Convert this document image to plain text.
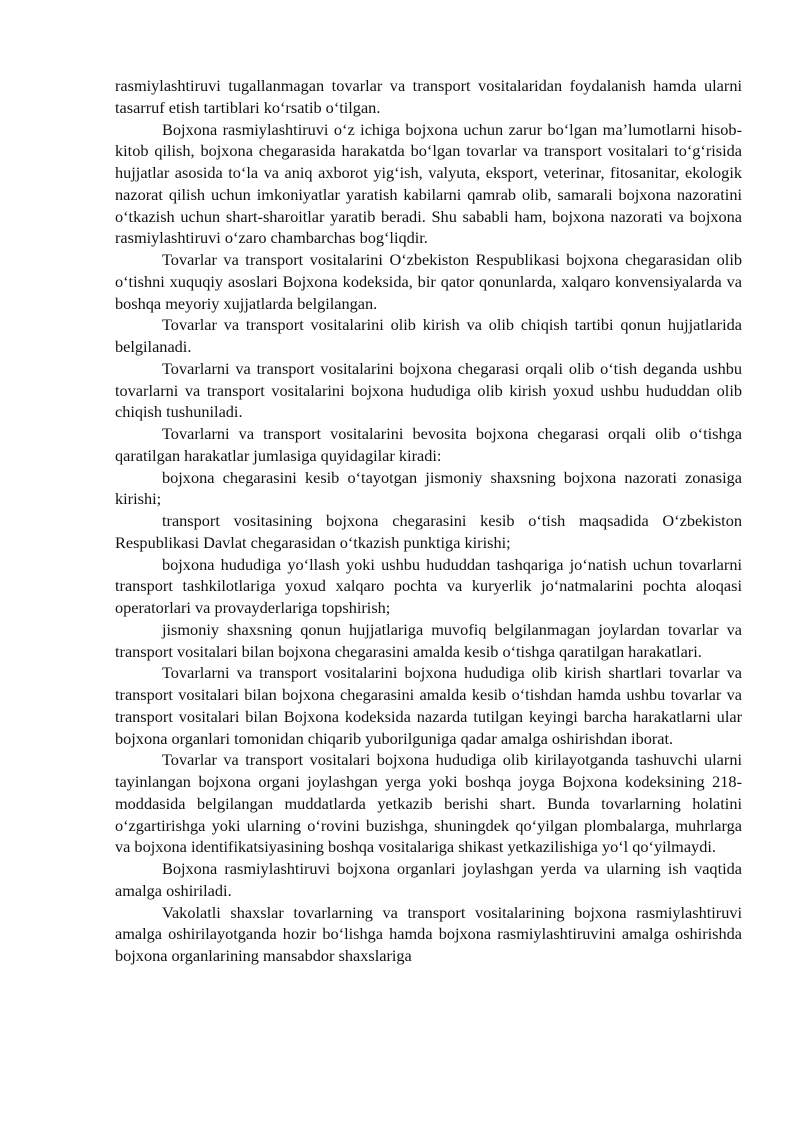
rasmiylashtiruvi tugallanmagan tovarlar va transport vositalaridan foydalanish hamda ularni tasarruf etish tartiblari ko‘rsatib o‘tilgan.

Bojxona rasmiylashtiruvi o‘z ichiga bojxona uchun zarur bo‘lgan ma’lumotlarni hisob-kitob qilish, bojxona chegarasida harakatda bo‘lgan tovarlar va transport vositalari to‘g‘risida hujjatlar asosida to‘la va aniq axborot yig‘ish, valyuta, eksport, veterinar, fitosanitar, ekologik nazorat qilish uchun imkoniyatlar yaratish kabilarni qamrab olib, samarali bojxona nazoratini o‘tkazish uchun shart-sharoitlar yaratib beradi. Shu sababli ham, bojxona nazorati va bojxona rasmiylashtiruvi o‘zaro chambarchas bog‘liqdir.

Tovarlar va transport vositalarini O‘zbekiston Respublikasi bojxona chegarasidan olib o‘tishni xuquqiy asoslari Bojxona kodeksida, bir qator qonunlarda, xalqaro konvensiyalarda va boshqa meyoriy xujjatlarda belgilangan.

Tovarlar va transport vositalarini olib kirish va olib chiqish tartibi qonun hujjatlarida belgilanadi.

Tovarlarni va transport vositalarini bojxona chegarasi orqali olib o‘tish deganda ushbu tovarlarni va transport vositalarini bojxona hududiga olib kirish yoxud ushbu hududdan olib chiqish tushuniladi.

Tovarlarni va transport vositalarini bevosita bojxona chegarasi orqali olib o‘tishga qaratilgan harakatlar jumlasiga quyidagilar kiradi:

bojxona chegarasini kesib o‘tayotgan jismoniy shaxsning bojxona nazorati zonasiga kirishi;

transport vositasining bojxona chegarasini kesib o‘tish maqsadida O‘zbekiston Respublikasi Davlat chegarasidan o‘tkazish punktiga kirishi;

bojxona hududiga yo‘llash yoki ushbu hududdan tashqariga jo‘natish uchun tovarlarni transport tashkilotlariga yoxud xalqaro pochta va kuryerlik jo‘natmalarini pochta aloqasi operatorlari va provayderlariga topshirish;

jismoniy shaxsning qonun hujjatlariga muvofiq belgilanmagan joylardan tovarlar va transport vositalari bilan bojxona chegarasini amalda kesib o‘tishga qaratilgan harakatlari.

Tovarlarni va transport vositalarini bojxona hududiga olib kirish shartlari tovarlar va transport vositalari bilan bojxona chegarasini amalda kesib o‘tishdan hamda ushbu tovarlar va transport vositalari bilan Bojxona kodeksida nazarda tutilgan keyingi barcha harakatlarni ular bojxona organlari tomonidan chiqarib yuborilguniga qadar amalga oshirishdan iborat.

Tovarlar va transport vositalari bojxona hududiga olib kirilayotganda tashuvchi ularni tayinlangan bojxona organi joylashgan yerga yoki boshqa joyga Bojxona kodeksining 218- moddasida belgilangan muddatlarda yetkazib berishi shart. Bunda tovarlarning holatini o‘zgartirishga yoki ularning o‘rovini buzishga, shuningdek qo‘yilgan plombalarga, muhrlarga va bojxona identifikatsiyasining boshqa vositalariga shikast yetkazilishiga yo‘l qo‘yilmaydi.

Bojxona rasmiylashtiruvi bojxona organlari joylashgan yerda va ularning ish vaqtida amalga oshiriladi.

Vakolatli shaxslar tovarlarning va transport vositalarining bojxona rasmiylashtiruvi amalga oshirilayotganda hozir bo‘lishga hamda bojxona rasmiylashtiruvini amalga oshirishda bojxona organlarining mansabdor shaxslariga
